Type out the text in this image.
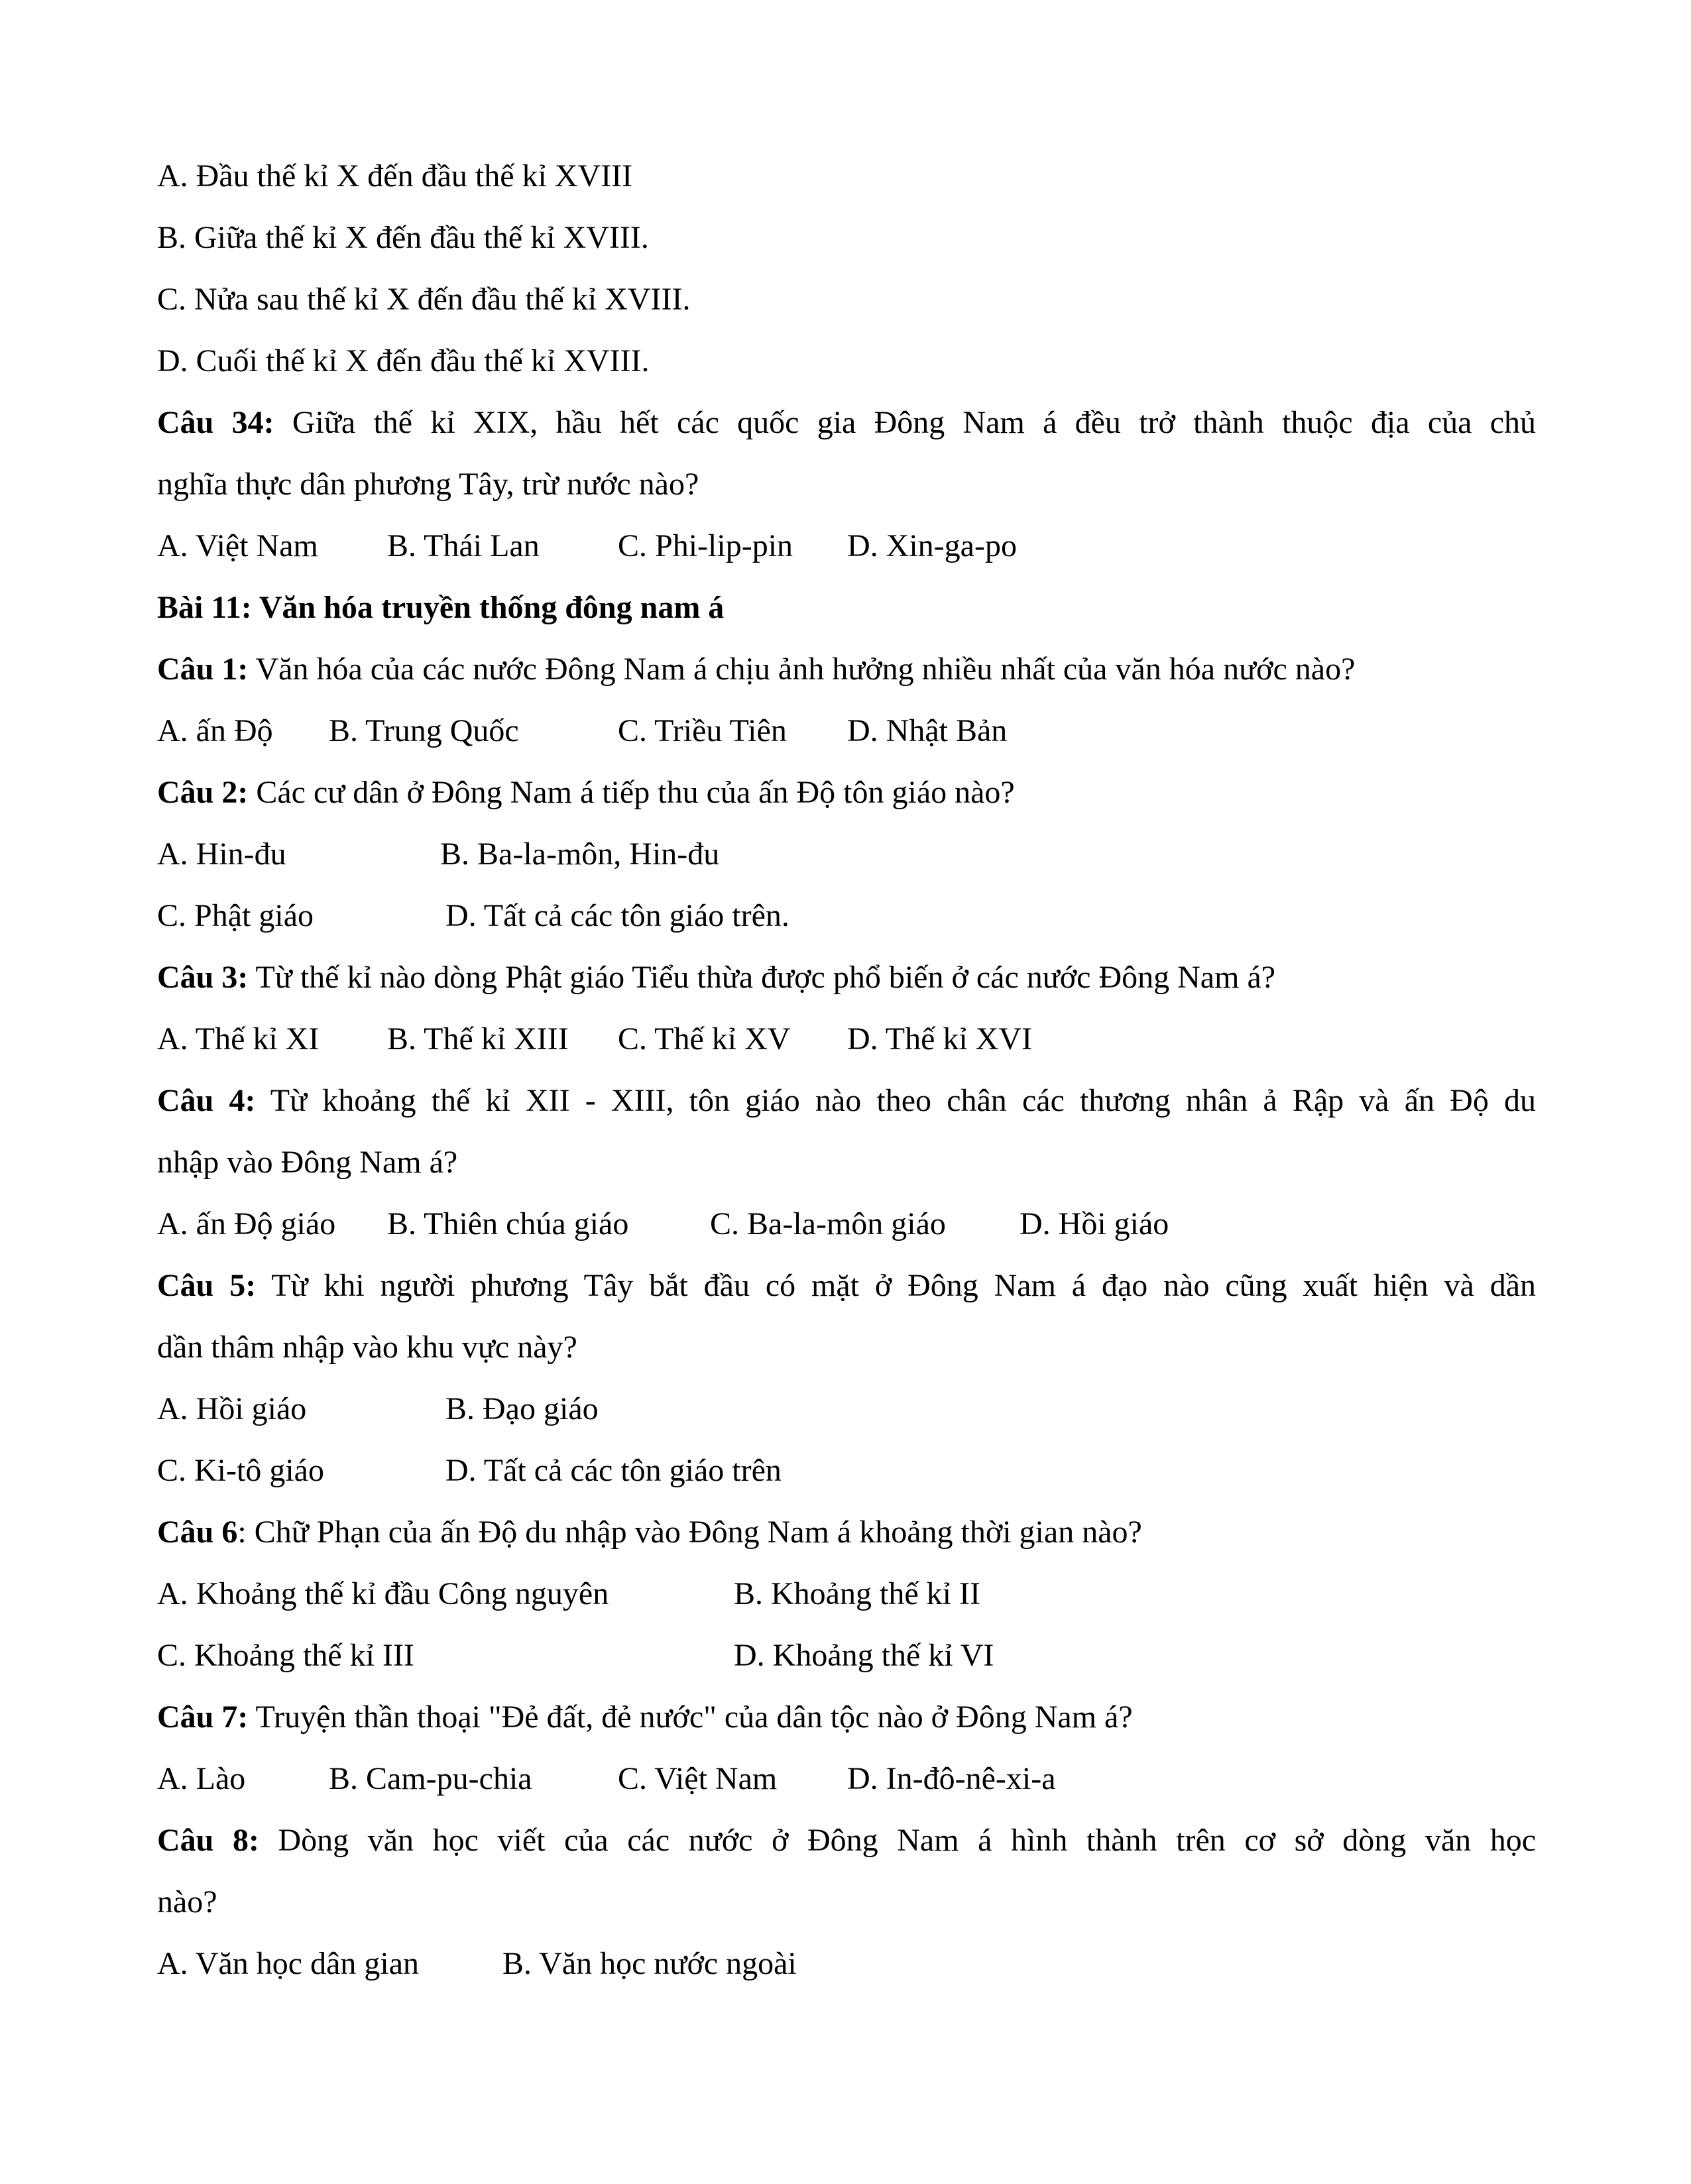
A. Đầu thế kỉ X đến đầu thế kỉ XVIII
B. Giữa thế kỉ X đến đầu thế kỉ XVIII.
C. Nửa sau thế kỉ X đến đầu thế kỉ XVIII.
D. Cuối thế kỉ X đến đầu thế kỉ XVIII.
Câu 34: Giữa thế kỉ XIX, hầu hết các quốc gia Đông Nam á đều trở thành thuộc địa của chủ
nghĩa thực dân phương Tây, trừ nước nào?
A. Việt Nam B. Thái Lan C. Phi-lip-pin D. Xin-ga-po
Bài 11: Văn hóa truyền thống đông nam á
Câu 1: Văn hóa của các nước Đông Nam á chịu ảnh hưởng nhiều nhất của văn hóa nước nào?
A. ấn Độ B. Trung Quốc	C. Triều Tiên D. Nhật Bản
Câu 2: Các cư dân ở Đông Nam á tiếp thu của ấn Độ tôn giáo nào?
A. Hin-đu	B. Ba-la-môn, Hin-đu
C. Phật giáo	D. Tất cả các tôn giáo trên.
Câu 3: Từ thế kỉ nào dòng Phật giáo Tiểu thừa được phổ biến ở các nước Đông Nam á?
A. Thế kỉ XI B. Thế kỉ XIII C. Thế kỉ XV D. Thế kỉ XVI
Câu 4: Từ khoảng thế kỉ XII - XIII, tôn giáo nào theo chân các thương nhân ả Rập và ấn Độ du
nhập vào Đông Nam á?
A. ấn Độ giáo B. Thiên chúa giáo	C. Ba-la-môn giáo D. Hồi giáo
Câu 5: Từ khi người phương Tây bắt đầu có mặt ở Đông Nam á đạo nào cũng xuất hiện và dần
dần thâm nhập vào khu vực này?
A. Hồi giáo	B. Đạo giáo
C. Ki-tô giáo	D. Tất cả các tôn giáo trên
Câu 6: Chữ Phạn của ấn Độ du nhập vào Đông Nam á khoảng thời gian nào?
A. Khoảng thế kỉ đầu Công nguyên	B. Khoảng thế kỉ II
C. Khoảng thế kỉ III	D. Khoảng thế kỉ VI
Câu 7: Truyện thần thoại "Đẻ đất, đẻ nước" của dân tộc nào ở Đông Nam á?
A. Lào	B. Cam-pu-chia	C. Việt Nam D. In-đô-nê-xi-a
Câu 8: Dòng văn học viết của các nước ở Đông Nam á hình thành trên cơ sở dòng văn học
nào?
A. Văn học dân gian	B. Văn học nước ngoài
